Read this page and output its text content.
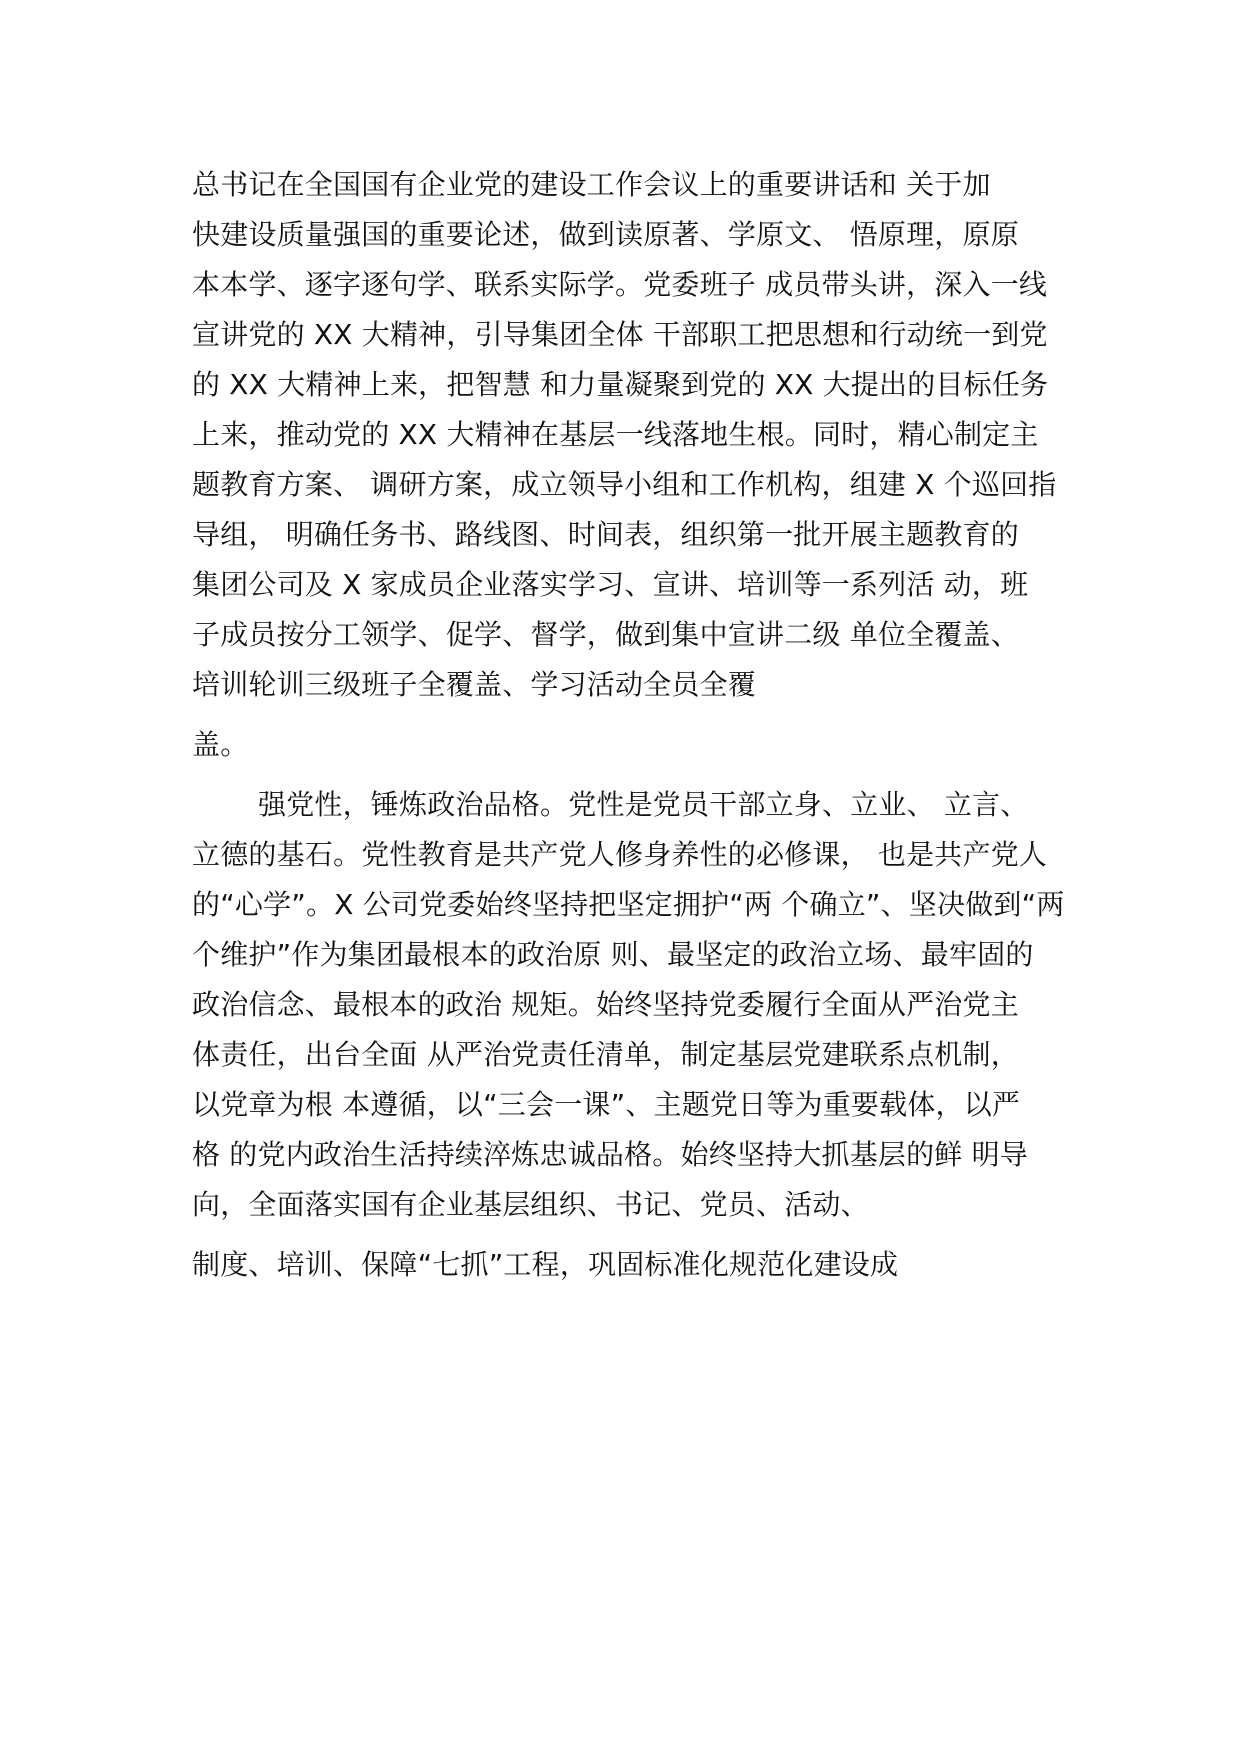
总书记在全国国有企业党的建设工作会议上的重要讲话和 关于加
快建设质量强国的重要论述，做到读原著、学原文、 悟原理，原原
本本学、逐字逐句学、联系实际学。党委班子 成员带头讲，深入一线
宣讲党的 XX 大精神，引导集团全体 干部职工把思想和行动统一到党
的 XX 大精神上来，把智慧 和力量凝聚到党的 XX 大提出的目标任务
上来，推动党的 XX 大精神在基层一线落地生根。同时，精心制定主
题教育方案、 调研方案，成立领导小组和工作机构，组建 X 个巡回指
导组， 明确任务书、路线图、时间表，组织第一批开展主题教育的
集团公司及 X 家成员企业落实学习、宣讲、培训等一系列活 动，班
子成员按分工领学、促学、督学，做到集中宣讲二级 单位全覆盖、
培训轮训三级班子全覆盖、学习活动全员全覆
盖。
强党性，锤炼政治品格。党性是党员干部立身、立业、 立言、
立德的基石。党性教育是共产党人修身养性的必修课， 也是共产党人
的“心学”。X 公司党委始终坚持把坚定拥护“两 个确立”、坚决做到“两
个维护”作为集团最根本的政治原 则、最坚定的政治立场、最牢固的
政治信念、最根本的政治 规矩。始终坚持党委履行全面从严治党主
体责任，出台全面 从严治党责任清单，制定基层党建联系点机制，
以党章为根 本遵循，以“三会一课”、主题党日等为重要载体，以严
格 的党内政治生活持续淬炼忠诚品格。始终坚持大抓基层的鲜 明导
向，全面落实国有企业基层组织、书记、党员、活动、
制度、培训、保障“七抓”工程，巩固标准化规范化建设成
